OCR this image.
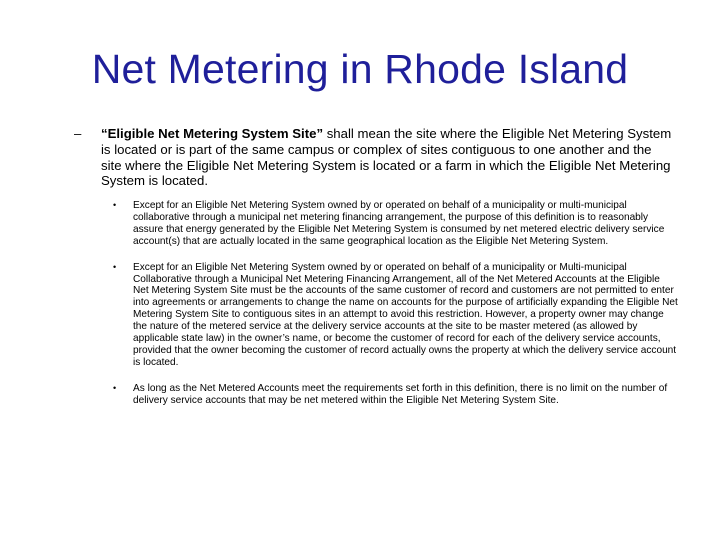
Net Metering in Rhode Island
–	“Eligible Net Metering System Site” shall mean the site where the Eligible Net Metering System is located or is part of the same campus or complex of sites contiguous to one another and the site where the Eligible Net Metering System is located or a farm in which the Eligible Net Metering System is located.
• Except for an Eligible Net Metering System owned by or operated on behalf of a municipality or multi-municipal collaborative through a municipal net metering financing arrangement, the purpose of this definition is to reasonably assure that energy generated by the Eligible Net Metering System is consumed by net metered electric delivery service account(s) that are actually located in the same geographical location as the Eligible Net Metering System.
• Except for an Eligible Net Metering System owned by or operated on behalf of a municipality or Multi-municipal Collaborative through a Municipal Net Metering Financing Arrangement, all of the Net Metered Accounts at the Eligible Net Metering System Site must be the accounts of the same customer of record and customers are not permitted to enter into agreements or arrangements to change the name on accounts for the purpose of artificially expanding the Eligible Net Metering System Site to contiguous sites in an attempt to avoid this restriction. However, a property owner may change the nature of the metered service at the delivery service accounts at the site to be master metered (as allowed by applicable state law) in the owner’s name, or become the customer of record for each of the delivery service accounts, provided that the owner becoming the customer of record actually owns the property at which the delivery service account is located.
• As long as the Net Metered Accounts meet the requirements set forth in this definition, there is no limit on the number of delivery service accounts that may be net metered within the Eligible Net Metering System Site.
